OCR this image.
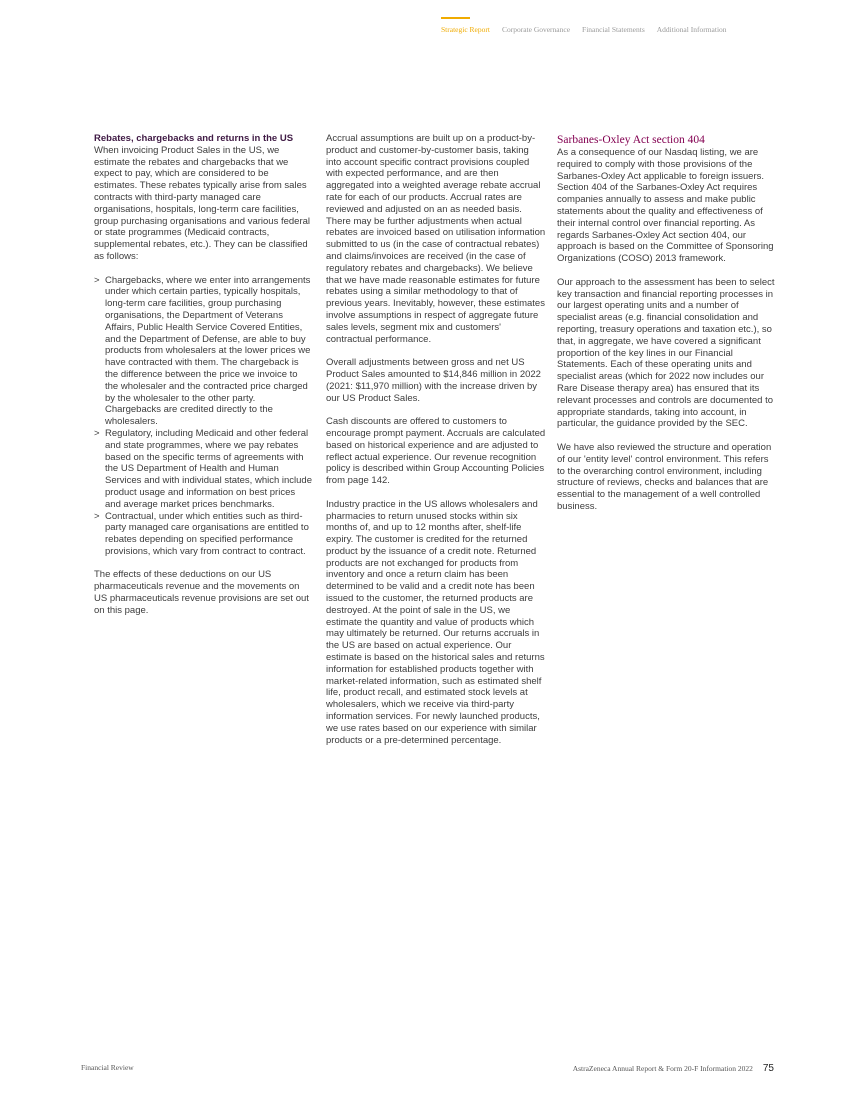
Strategic Report Corporate Governance Financial Statements Additional Information

Rebates, chargebacks and returns in the US

When invoicing Product Sales in the US, we estimate the rebates and chargebacks that we expect to pay, which are considered to be estimates. These rebates typically arise from sales contracts with third-party managed care organisations, hospitals, long-term care facilities, group purchasing organisations and various federal or state programmes (Medicaid contracts, supplemental rebates, etc.). They can be classified as follows:

> Chargebacks, where we enter into arrangements under which certain parties, typically hospitals, long-term care facilities, group purchasing organisations, the Department of Veterans Affairs, Public Health Service Covered Entities, and the Department of Defense, are able to buy products from wholesalers at the lower prices we have contracted with them. The chargeback is the difference between the price we invoice to the wholesaler and the contracted price charged by the wholesaler to the other party. Chargebacks are credited directly to the wholesalers.
> Regulatory, including Medicaid and other federal and state programmes, where we pay rebates based on the specific terms of agreements with the US Department of Health and Human Services and with individual states, which include product usage and information on best prices and average market prices benchmarks.
> Contractual, under which entities such as third-party managed care organisations are entitled to rebates depending on specified performance provisions, which vary from contract to contract.

The effects of these deductions on our US pharmaceuticals revenue and the movements on US pharmaceuticals revenue provisions are set out on this page.

Accrual assumptions are built up on a product-by-product and customer-by-customer basis, taking into account specific contract provisions coupled with expected performance, and are then aggregated into a weighted average rebate accrual rate for each of our products. Accrual rates are reviewed and adjusted on an as needed basis. There may be further adjustments when actual rebates are invoiced based on utilisation information submitted to us (in the case of contractual rebates) and claims/invoices are received (in the case of regulatory rebates and chargebacks). We believe that we have made reasonable estimates for future rebates using a similar methodology to that of previous years. Inevitably, however, these estimates involve assumptions in respect of aggregate future sales levels, segment mix and customers' contractual performance.

Overall adjustments between gross and net US Product Sales amounted to $14,846 million in 2022 (2021: $11,970 million) with the increase driven by our US Product Sales.

Cash discounts are offered to customers to encourage prompt payment. Accruals are calculated based on historical experience and are adjusted to reflect actual experience. Our revenue recognition policy is described within Group Accounting Policies from page 142.

Industry practice in the US allows wholesalers and pharmacies to return unused stocks within six months of, and up to 12 months after, shelf-life expiry. The customer is credited for the returned product by the issuance of a credit note. Returned products are not exchanged for products from inventory and once a return claim has been determined to be valid and a credit note has been issued to the customer, the returned products are destroyed. At the point of sale in the US, we estimate the quantity and value of products which may ultimately be returned. Our returns accruals in the US are based on actual experience. Our estimate is based on the historical sales and returns information for established products together with market-related information, such as estimated shelf life, product recall, and estimated stock levels at wholesalers, which we receive via third-party information services. For newly launched products, we use rates based on our experience with similar products or a pre-determined percentage.

Sarbanes-Oxley Act section 404

As a consequence of our Nasdaq listing, we are required to comply with those provisions of the Sarbanes-Oxley Act applicable to foreign issuers. Section 404 of the Sarbanes-Oxley Act requires companies annually to assess and make public statements about the quality and effectiveness of their internal control over financial reporting. As regards Sarbanes-Oxley Act section 404, our approach is based on the Committee of Sponsoring Organizations (COSO) 2013 framework.

Our approach to the assessment has been to select key transaction and financial reporting processes in our largest operating units and a number of specialist areas (e.g. financial consolidation and reporting, treasury operations and taxation etc.), so that, in aggregate, we have covered a significant proportion of the key lines in our Financial Statements. Each of these operating units and specialist areas (which for 2022 now includes our Rare Disease therapy area) has ensured that its relevant processes and controls are documented to appropriate standards, taking into account, in particular, the guidance provided by the SEC.

We have also reviewed the structure and operation of our 'entity level' control environment. This refers to the overarching control environment, including structure of reviews, checks and balances that are essential to the management of a well controlled business.

Financial Review	AstraZeneca Annual Report & Form 20-F Information 2022 75
